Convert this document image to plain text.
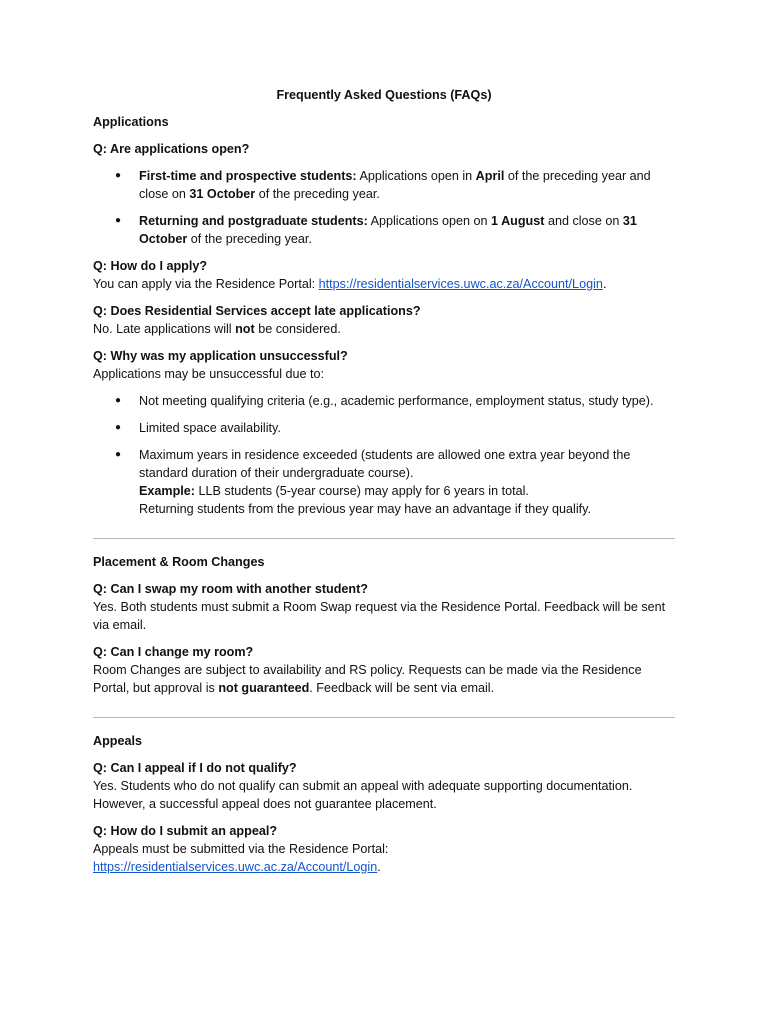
Frequently Asked Questions (FAQs)

Applications

Q: Are applications open?

● First-time and prospective students: Applications open in April of the preceding year and close on 31 October of the preceding year.
● Returning and postgraduate students: Applications open on 1 August and close on 31 October of the preceding year.

Q: How do I apply?

You can apply via the Residence Portal: https://residentialservices.uwc.ac.za/Account/Login.

Q: Does Residential Services accept late applications?

No. Late applications will not be considered.

Q: Why was my application unsuccessful?

Applications may be unsuccessful due to:

● Not meeting qualifying criteria (e.g., academic performance, employment status, study type).
● Limited space availability.
● Maximum years in residence exceeded (students are allowed one extra year beyond the standard duration of their undergraduate course).
Example: LLB students (5-year course) may apply for 6 years in total.
Returning students from the previous year may have an advantage if they qualify.

Placement & Room Changes

Q: Can I swap my room with another student?

Yes. Both students must submit a Room Swap request via the Residence Portal. Feedback will be sent via email.

Q: Can I change my room?

Room Changes are subject to availability and RS policy. Requests can be made via the Residence Portal, but approval is not guaranteed. Feedback will be sent via email.

Appeals

Q: Can I appeal if I do not qualify?

Yes. Students who do not qualify can submit an appeal with adequate supporting documentation. However, a successful appeal does not guarantee placement.

Q: How do I submit an appeal?

Appeals must be submitted via the Residence Portal:
https://residentialservices.uwc.ac.za/Account/Login.
